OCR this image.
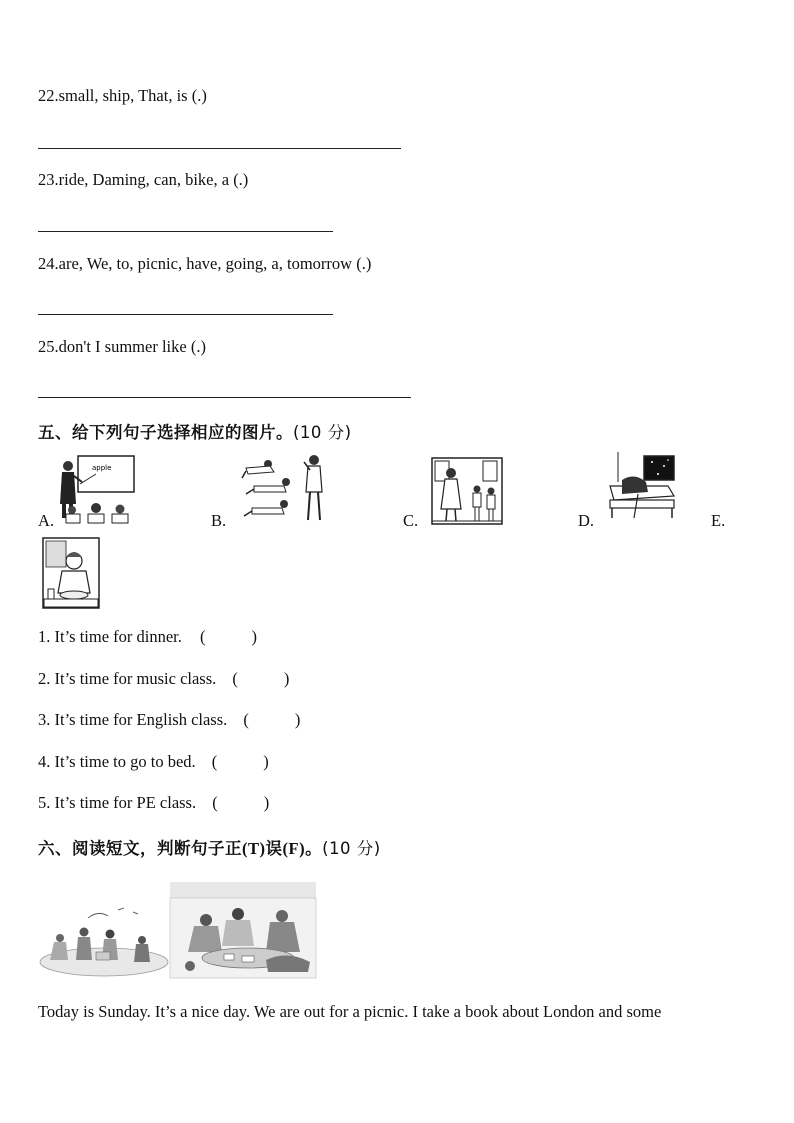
22.small, ship, That, is (.)
23.ride, Daming, can, bike, a (.)
24.are, We, to, picnic, have, going, a, tomorrow (.)
25.don't I summer like (.)
五、给下列句子选择相应的图片。(10 分)
A.
apple
B.	C.	D.	E.
1. It’s time for dinner. (	)
2. It’s time for music class. (	)
3. It’s time for English class. (	)
4. It’s time to go to bed. (	)
5. It’s time for PE class. (	)
六、阅读短文，判断句子正(T)误(F)。(10 分)
Today is Sunday. It’s a nice day. We are out for a picnic. I take a book about London and some
